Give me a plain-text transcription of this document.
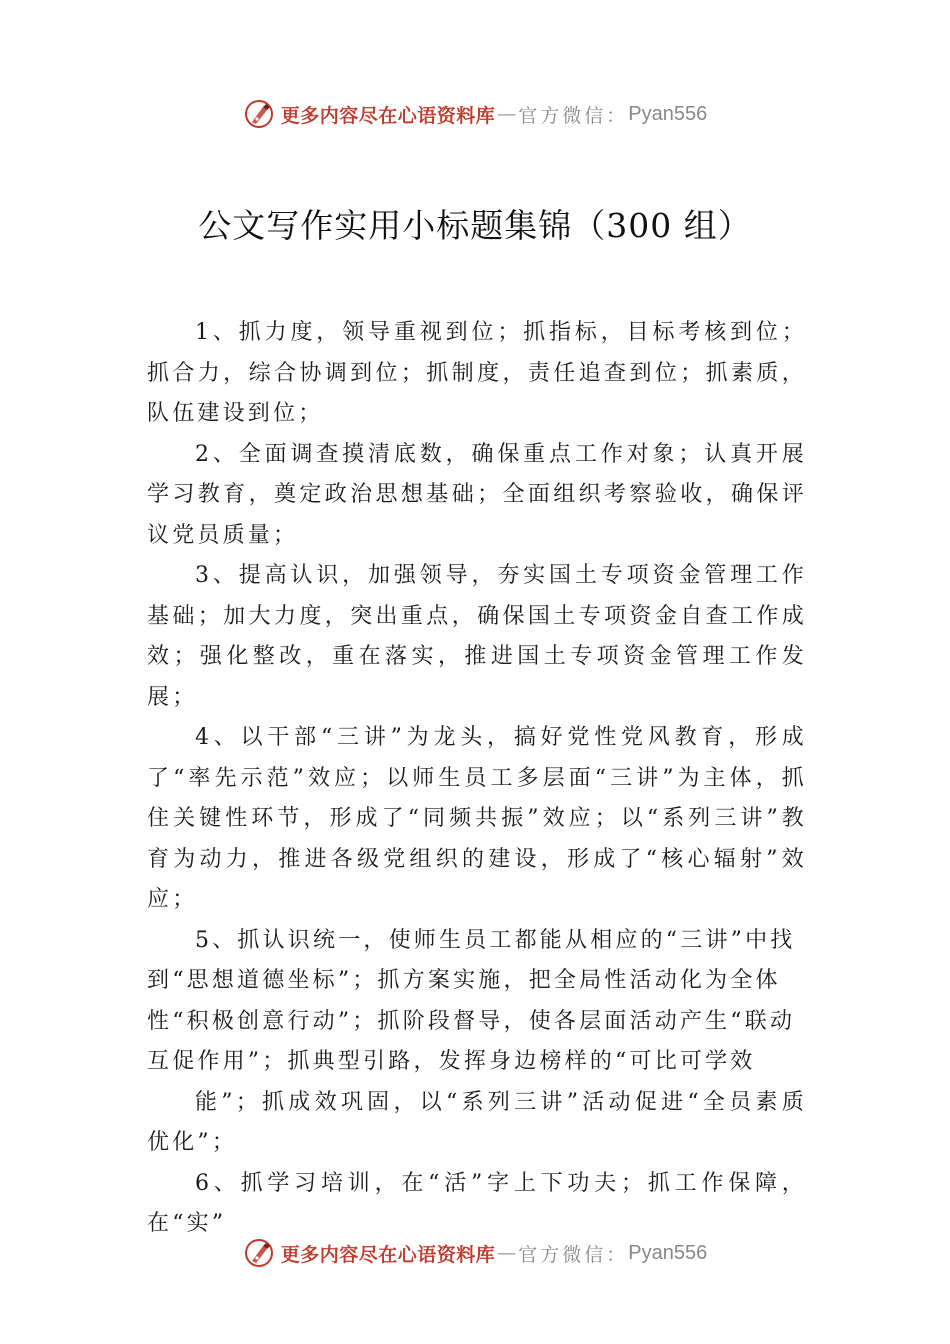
更多内容尽在心语资料库 — 官方微信： Pyan556
公文写作实用小标题集锦（300 组）

1、抓力度，领导重视到位；抓指标，目标考核到位；抓合力，综合协调到位；抓制度，责任追查到位；抓素质，队伍建设到位；

2、全面调查摸清底数，确保重点工作对象；认真开展学习教育，奠定政治思想基础；全面组织考察验收，确保评议党员质量；

3、提高认识，加强领导，夯实国土专项资金管理工作基础；加大力度，突出重点，确保国土专项资金自查工作成效；强化整改，重在落实，推进国土专项资金管理工作发展；

4、以干部“三讲”为龙头，搞好党性党风教育，形成了“率先示范”效应；以师生员工多层面“三讲”为主体，抓住关键性环节，形成了“同频共振”效应；以“系列三讲”教育为动力，推进各级党组织的建设，形成了“核心辐射”效应；

5、抓认识统一，使师生员工都能从相应的“三讲”中找到“思想道德坐标”；抓方案实施，把全局性活动化为全体性“积极创意行动”；抓阶段督导，使各层面活动产生“联动互促作用”；抓典型引路，发挥身边榜样的“可比可学效

能”；抓成效巩固，以“系列三讲”活动促进“全员素质优化”；

6、抓学习培训，在“活”字上下功夫；抓工作保障，在“实”

更多内容尽在心语资料库 — 官方微信： Pyan556
